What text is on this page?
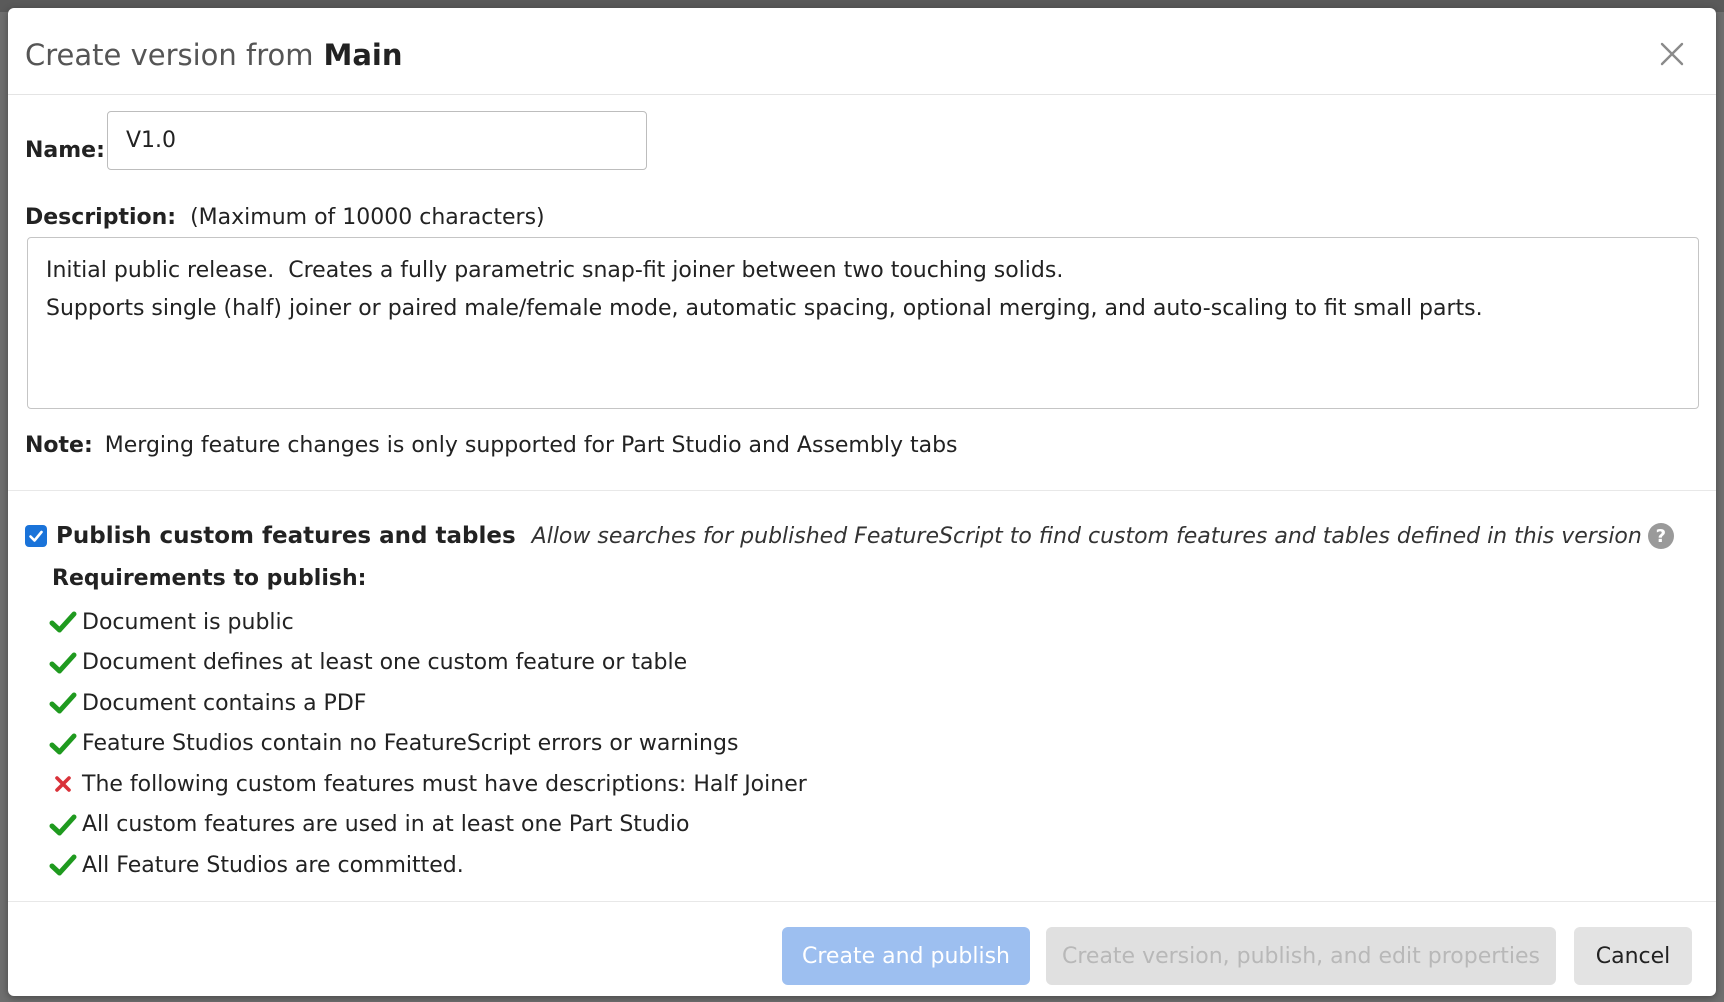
Create version from Main
Name:
V1.0
Description: (Maximum of 10000 characters)
Initial public release. Creates a fully parametric snap-fit joiner between two touching solids. Supports single (half) joiner or paired male/female mode, automatic spacing, optional merging, and auto-scaling to fit small parts.
Note: Merging feature changes is only supported for Part Studio and Assembly tabs
Publish custom features and tables Allow searches for published FeatureScript to find custom features and tables defined in this version ?
Requirements to publish:
Document is public
Document defines at least one custom feature or table
Document contains a PDF
Feature Studios contain no FeatureScript errors or warnings
The following custom features must have descriptions: Half Joiner
All custom features are used in at least one Part Studio
All Feature Studios are committed.
Create and publish	Create version, publish, and edit properties	Cancel
